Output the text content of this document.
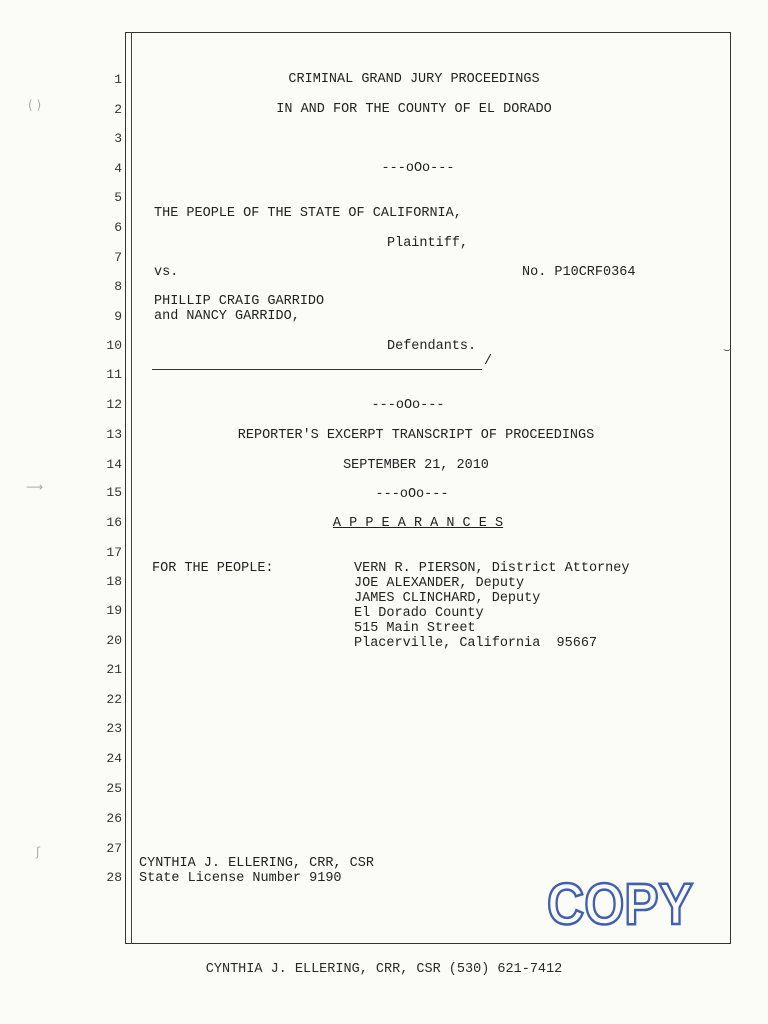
( )
⟶
ʃ
⌣
1
2
3
4
5
6
7
8
9
10
11
12
13
14
15
16
17
18
19
20
21
22
23
24
25
26
27
28
CRIMINAL GRAND JURY PROCEEDINGS
IN AND FOR THE COUNTY OF EL DORADO
---oOo---
THE PEOPLE OF THE STATE OF CALIFORNIA,
Plaintiff,
vs.	No. P10CRF0364
PHILLIP CRAIG GARRIDO
and NANCY GARRIDO,
Defendants.
/
---oOo---
REPORTER'S EXCERPT TRANSCRIPT OF PROCEEDINGS
SEPTEMBER 21, 2010
---oOo---
A P P E A R A N C E S
FOR THE PEOPLE:	VERN R. PIERSON, District Attorney
JOE ALEXANDER, Deputy
JAMES CLINCHARD, Deputy
El Dorado County
515 Main Street
Placerville, California  95667
CYNTHIA J. ELLERING, CRR, CSR
State License Number 9190	COPY
CYNTHIA J. ELLERING, CRR, CSR (530) 621-7412
